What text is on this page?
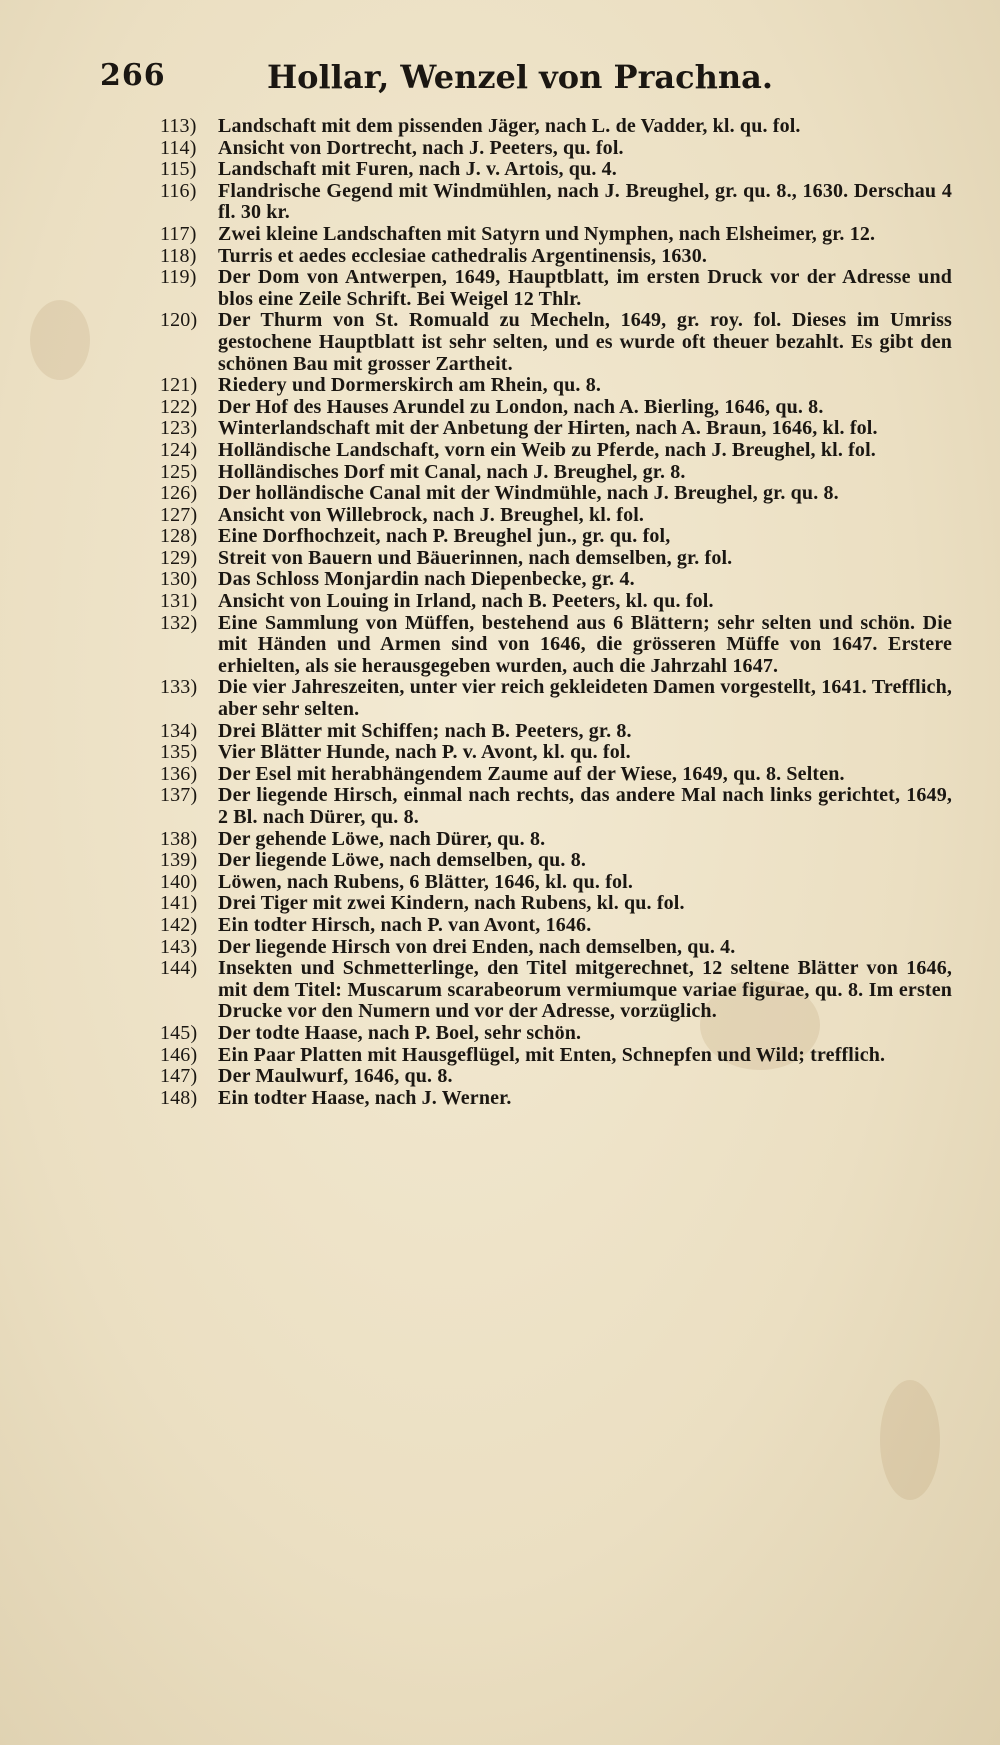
266	Hollar, Wenzel von Prachna.

113)	Landschaft mit dem pissenden Jäger, nach L. de Vadder, kl. qu. fol.

114)	Ansicht von Dortrecht, nach J. Peeters, qu. fol.

115)	Landschaft mit Furen, nach J. v. Artois, qu. 4.

116)	Flandrische Gegend mit Windmühlen, nach J. Breughel, gr. qu. 8., 1630. Derschau 4 fl. 30 kr.

117)	Zwei kleine Landschaften mit Satyrn und Nymphen, nach Elsheimer, gr. 12.

118)	Turris et aedes ecclesiae cathedralis Argentinensis, 1630.

119)	Der Dom von Antwerpen, 1649, Hauptblatt, im ersten Druck vor der Adresse und blos eine Zeile Schrift. Bei Weigel 12 Thlr.

120)	Der Thurm von St. Romuald zu Mecheln, 1649, gr. roy. fol. Dieses im Umriss gestochene Hauptblatt ist sehr selten, und es wurde oft theuer bezahlt. Es gibt den schönen Bau mit grosser Zartheit.

121)	Riedery und Dormerskirch am Rhein, qu. 8.

122)	Der Hof des Hauses Arundel zu London, nach A. Bierling, 1646, qu. 8.

123)	Winterlandschaft mit der Anbetung der Hirten, nach A. Braun, 1646, kl. fol.

124)	Holländische Landschaft, vorn ein Weib zu Pferde, nach J. Breughel, kl. fol.

125)	Holländisches Dorf mit Canal, nach J. Breughel, gr. 8.

126)	Der holländische Canal mit der Windmühle, nach J. Breughel, gr. qu. 8.

127)	Ansicht von Willebrock, nach J. Breughel, kl. fol.

128)	Eine Dorfhochzeit, nach P. Breughel jun., gr. qu. fol,

129)	Streit von Bauern und Bäuerinnen, nach demselben, gr. fol.

130)	Das Schloss Monjardin nach Diepenbecke, gr. 4.

131)	Ansicht von Louing in Irland, nach B. Peeters, kl. qu. fol.

132)	Eine Sammlung von Müffen, bestehend aus 6 Blättern; sehr selten und schön. Die mit Händen und Armen sind von 1646, die grösseren Müffe von 1647. Erstere erhielten, als sie herausgegeben wurden, auch die Jahrzahl 1647.

133)	Die vier Jahreszeiten, unter vier reich gekleideten Damen vorgestellt, 1641. Trefflich, aber sehr selten.

134)	Drei Blätter mit Schiffen; nach B. Peeters, gr. 8.

135)	Vier Blätter Hunde, nach P. v. Avont, kl. qu. fol.

136)	Der Esel mit herabhängendem Zaume auf der Wiese, 1649, qu. 8. Selten.

137)	Der liegende Hirsch, einmal nach rechts, das andere Mal nach links gerichtet, 1649, 2 Bl. nach Dürer, qu. 8.

138)	Der gehende Löwe, nach Dürer, qu. 8.

139)	Der liegende Löwe, nach demselben, qu. 8.

140)	Löwen, nach Rubens, 6 Blätter, 1646, kl. qu. fol.

141)	Drei Tiger mit zwei Kindern, nach Rubens, kl. qu. fol.

142)	Ein todter Hirsch, nach P. van Avont, 1646.

143)	Der liegende Hirsch von drei Enden, nach demselben, qu. 4.

144)	Insekten und Schmetterlinge, den Titel mitgerechnet, 12 seltene Blätter von 1646, mit dem Titel: Muscarum scarabeorum vermiumque variae figurae, qu. 8. Im ersten Drucke vor den Numern und vor der Adresse, vorzüglich.

145)	Der todte Haase, nach P. Boel, sehr schön.

146)	Ein Paar Platten mit Hausgeflügel, mit Enten, Schnepfen und Wild; trefflich.

147)	Der Maulwurf, 1646, qu. 8.

148)	Ein todter Haase, nach J. Werner.
